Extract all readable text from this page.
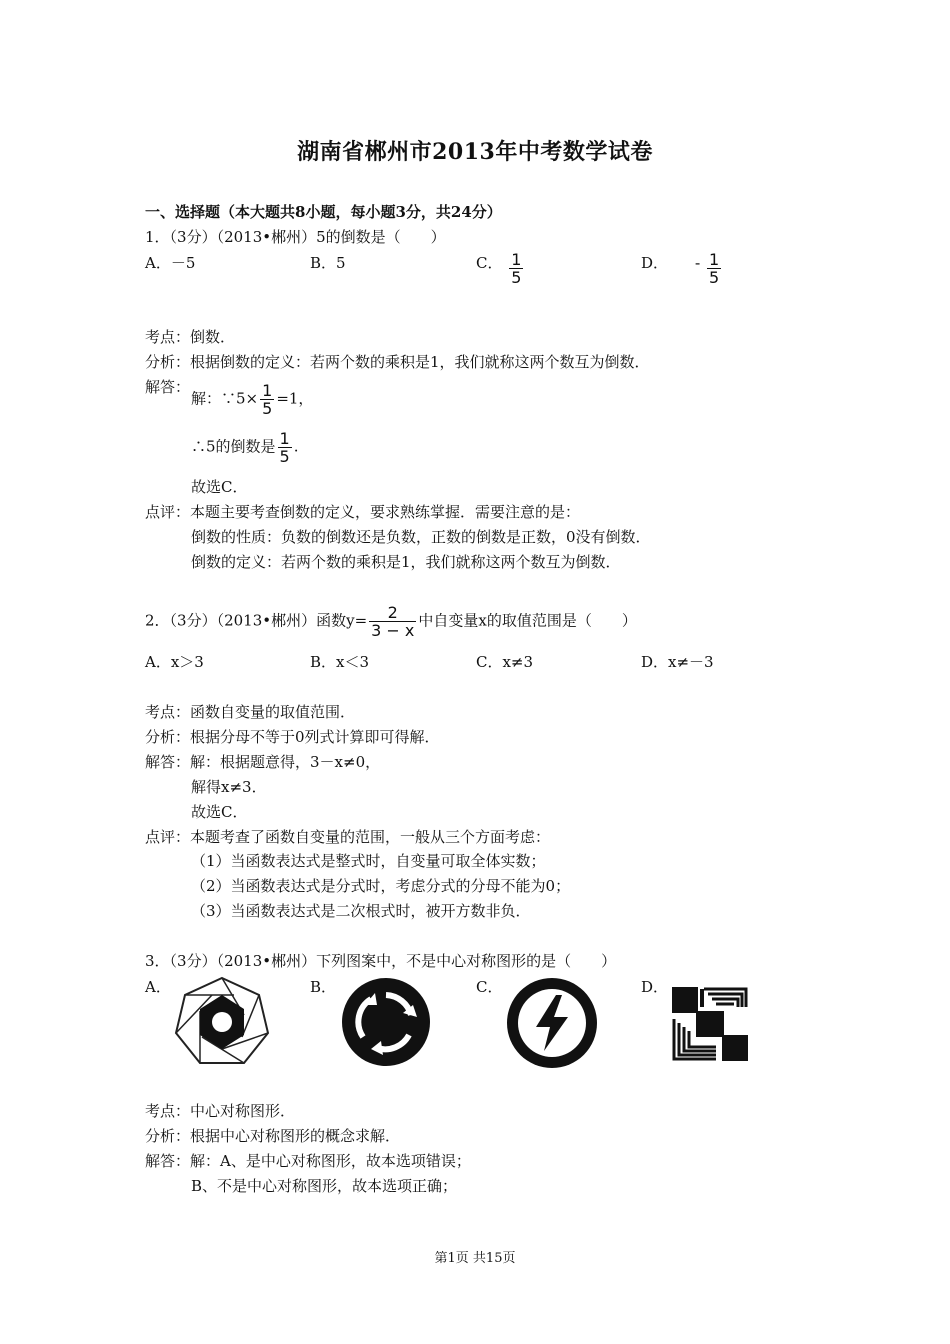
湖南省郴州市2013年中考数学试卷
一、选择题（本大题共8小题，每小题3分，共24分）
1．（3分）（2013•郴州）5的倒数是（　　）
A．－5	B．5	C． $\frac{1}{5}$	D． - $\frac{1}{5}$
考点：倒数．
分析：根据倒数的定义：若两个数的乘积是1，我们就称这两个数互为倒数．
解答：
解：∵5× $\frac{1}{5} =1$，
∴5的倒数是 $\frac{1}{5}$ .
故选C．
点评：本题主要考查倒数的定义，要求熟练掌握．需要注意的是：
倒数的性质：负数的倒数还是负数，正数的倒数是正数，0没有倒数．
倒数的定义：若两个数的乘积是1，我们就称这两个数互为倒数．
2．（3分）（2013•郴州）函数$y= \frac{2}{3 - x}$ 中自变量x的取值范围是（　　）
A．x＞3	B．x＜3	C．x≠3	D．x≠－3
考点：函数自变量的取值范围．
分析：根据分母不等于0列式计算即可得解．
解答：解：根据题意得，3－x≠0，
解得x≠3．
故选C．
点评：本题考查了函数自变量的范围，一般从三个方面考虑：
（1）当函数表达式是整式时，自变量可取全体实数；
（2）当函数表达式是分式时，考虑分式的分母不能为0；
（3）当函数表达式是二次根式时，被开方数非负．
3．（3分）（2013•郴州）下列图案中，不是中心对称图形的是（　　）
A．	B．	C．	D．
考点：中心对称图形．
分析：根据中心对称图形的概念求解．
解答：解：A、是中心对称图形，故本选项错误；
B、不是中心对称图形，故本选项正确；
第1页 共15页
